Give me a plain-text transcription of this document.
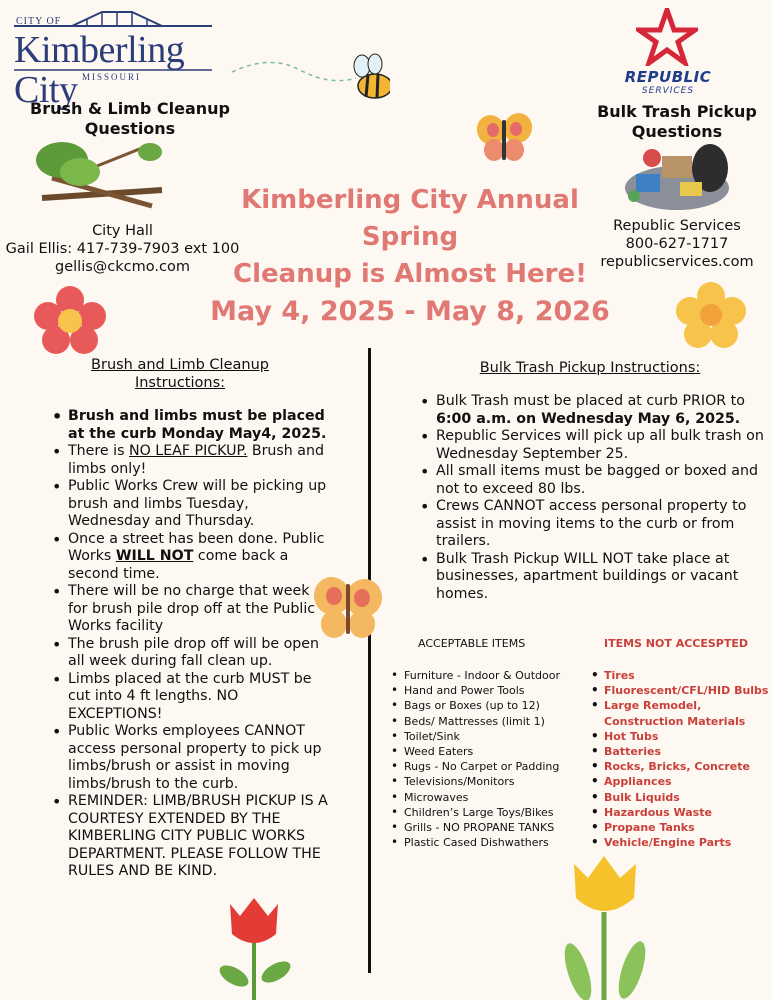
CITY OF
Kimberling City MISSOURI	REPUBLIC
SERVICES
Brush & Limb Cleanup Questions
Bulk Trash Pickup Questions
Kimberling City Annual Spring
Cleanup is Almost Here!
May 4, 2025 - May 8, 2026
City Hall
Gail Ellis: 417-739-7903 ext 100
gellis@ckcmo.com
Republic Services
800-627-1717
republicservices.com
Brush and Limb Cleanup Instructions:
Bulk Trash Pickup Instructions:
• Brush and limbs must be placed at the curb Monday May4, 2025.
• There is NO LEAF PICKUP. Brush and limbs only!
• Public Works Crew will be picking up brush and limbs Tuesday, Wednesday and Thursday.
• Once a street has been done. Public Works WILL NOT come back a second time.
• There will be no charge that week for brush pile drop off at the Public Works facility
• The brush pile drop off will be open all week during fall clean up.
• Limbs placed at the curb MUST be cut into 4 ft lengths. NO EXCEPTIONS!
• Public Works employees CANNOT access personal property to pick up limbs/brush or assist in moving limbs/brush to the curb.
• REMINDER: LIMB/BRUSH PICKUP IS A COURTESY EXTENDED BY THE KIMBERLING CITY PUBLIC WORKS DEPARTMENT. PLEASE FOLLOW THE RULES AND BE KIND.
• Bulk Trash must be placed at curb PRIOR to 6:00 a.m. on Wednesday May 6, 2025.
• Republic Services will pick up all bulk trash on Wednesday September 25.
• All small items must be bagged or boxed and not to exceed 80 lbs.
• Crews CANNOT access personal property to assist in moving items to the curb or from trailers.
• Bulk Trash Pickup WILL NOT take place at businesses, apartment buildings or vacant homes.
ACCEPTABLE ITEMS	ITEMS NOT ACCESPTED
• Furniture - Indoor & Outdoor
• Hand and Power Tools
• Bags or Boxes (up to 12)
• Beds/ Mattresses (limit 1)
• Toilet/Sink
• Weed Eaters
• Rugs - No Carpet or Padding
• Televisions/Monitors
• Microwaves
• Children’s Large Toys/Bikes
• Grills - NO PROPANE TANKS
• Plastic Cased Dishwathers
• Tires
• Fluorescent/CFL/HID Bulbs
• Large Remodel, Construction Materials
• Hot Tubs
• Batteries
• Rocks, Bricks, Concrete
• Appliances
• Bulk Liquids
• Hazardous Waste
• Propane Tanks
• Vehicle/Engine Parts
